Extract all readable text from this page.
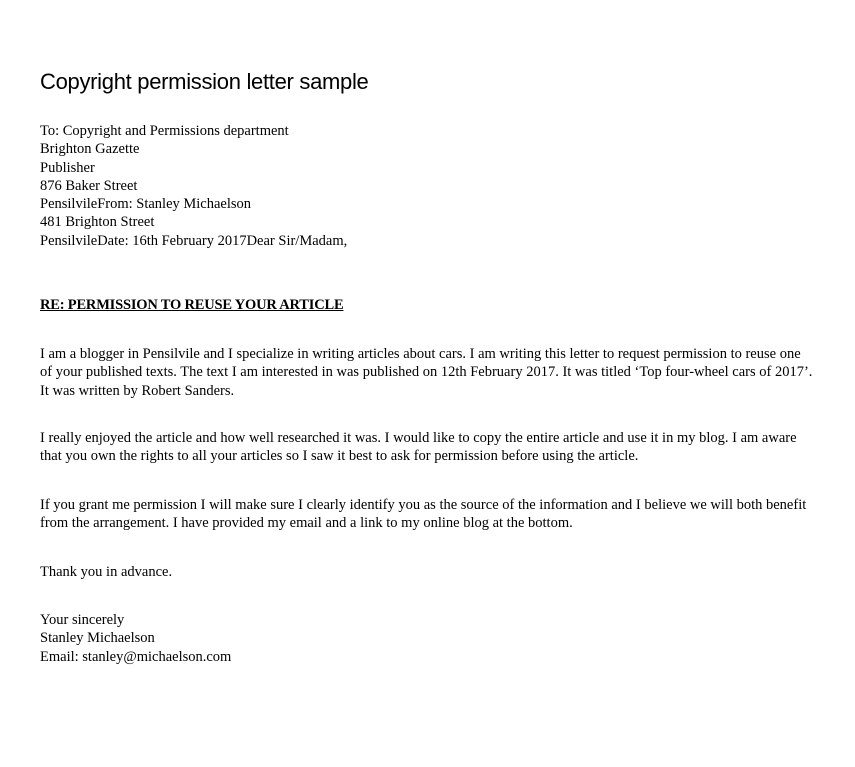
Copyright permission letter sample
To: Copyright and Permissions department
Brighton Gazette
Publisher
876 Baker Street
PensilvileFrom: Stanley Michaelson
481 Brighton Street
PensilvileDate: 16th February 2017Dear Sir/Madam,

RE: PERMISSION TO REUSE YOUR ARTICLE

I am a blogger in Pensilvile and I specialize in writing articles about cars. I am writing this letter to request permission to reuse one of your published texts. The text I am interested in was published on 12th February 2017. It was titled ‘Top four-wheel cars of 2017’. It was written by Robert Sanders.

I really enjoyed the article and how well researched it was. I would like to copy the entire article and use it in my blog. I am aware that you own the rights to all your articles so I saw it best to ask for permission before using the article.

If you grant me permission I will make sure I clearly identify you as the source of the information and I believe we will both benefit from the arrangement. I have provided my email and a link to my online blog at the bottom.

Thank you in advance.

Your sincerely
Stanley Michaelson
Email: stanley@michaelson.com
